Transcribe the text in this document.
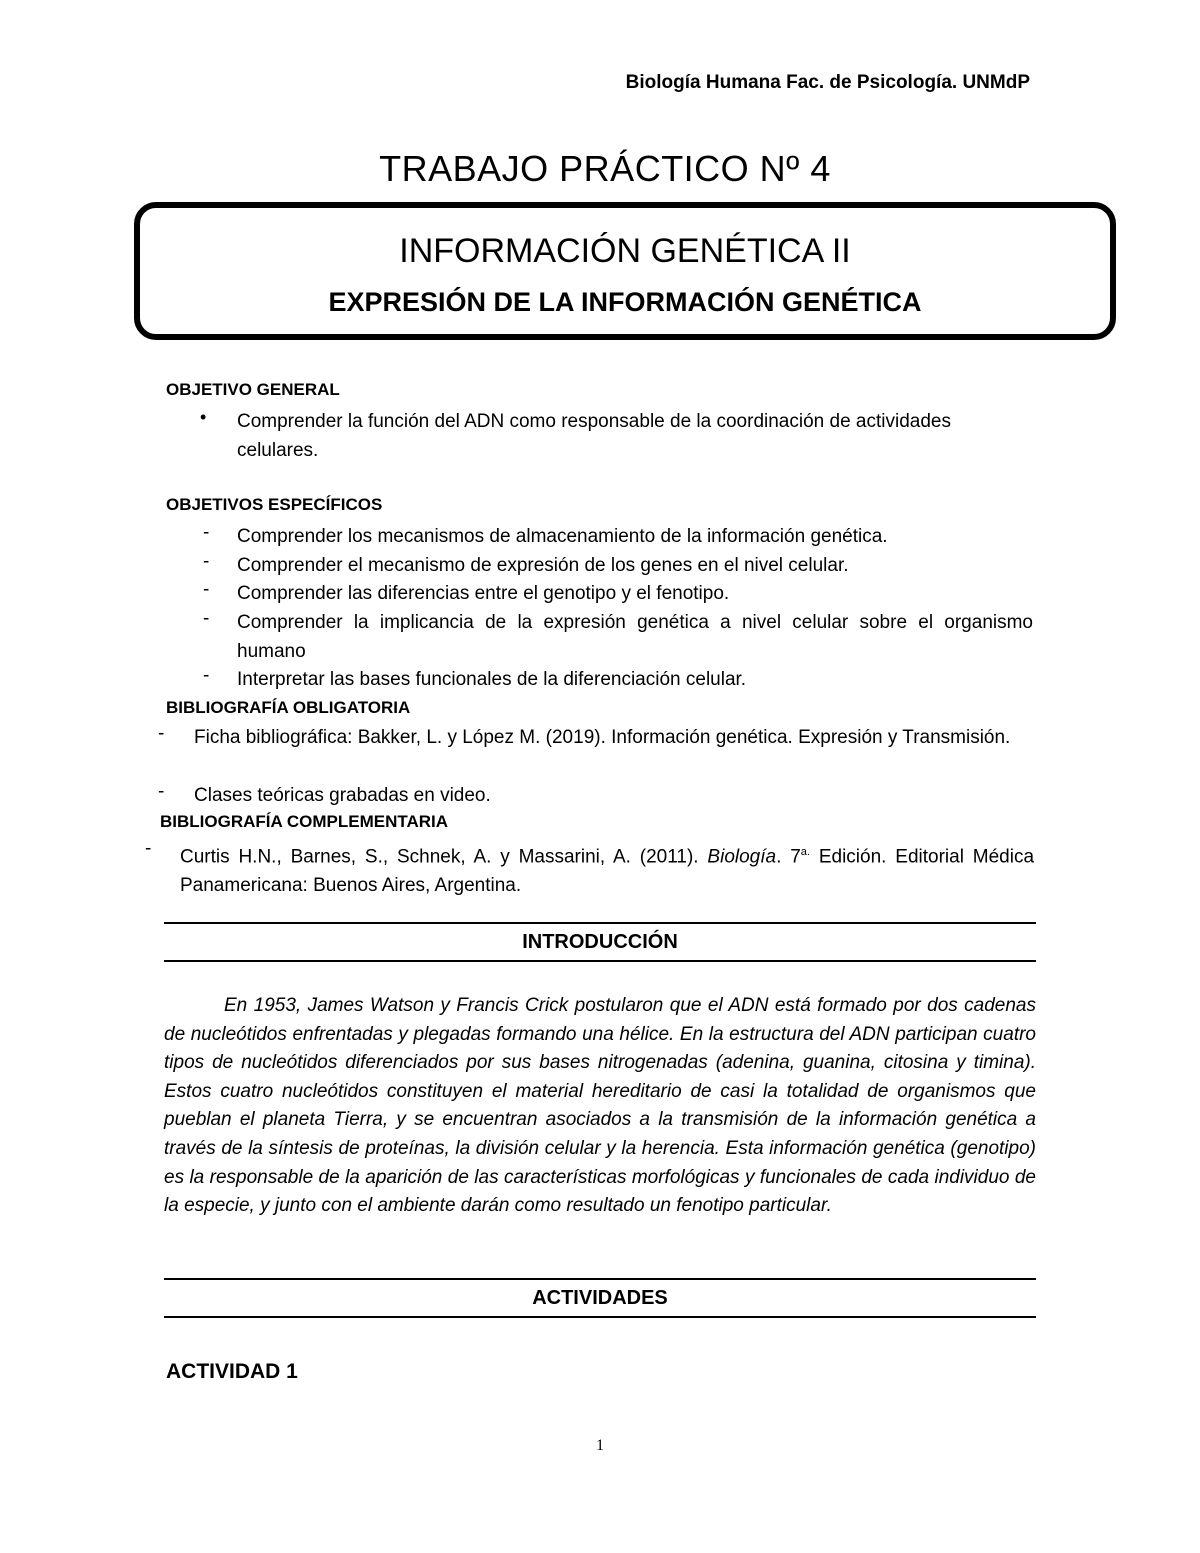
Biología Humana Fac. de Psicología. UNMdP
TRABAJO PRÁCTICO Nº 4
INFORMACIÓN GENÉTICA II
EXPRESIÓN DE LA INFORMACIÓN GENÉTICA
OBJETIVO GENERAL
• Comprender la función del ADN como responsable de la coordinación de actividades
celulares.
OBJETIVOS ESPECÍFICOS
- Comprender los mecanismos de almacenamiento de la información genética.
- Comprender el mecanismo de expresión de los genes en el nivel celular.
- Comprender las diferencias entre el genotipo y el fenotipo.
- Comprender la implicancia de la expresión genética a nivel celular sobre el organismo humano
- Interpretar las bases funcionales de la diferenciación celular.
BIBLIOGRAFÍA OBLIGATORIA
- Ficha bibliográfica: Bakker, L. y López M. (2019). Información genética. Expresión y Transmisión.
- Clases teóricas grabadas en video.
BIBLIOGRAFÍA COMPLEMENTARIA
- Curtis H.N., Barnes, S., Schnek, A. y Massarini, A. (2011). Biología. $7^{a.}$ Edición. Editorial Médica Panamericana: Buenos Aires, Argentina.
INTRODUCCIÓN
En 1953, James Watson y Francis Crick postularon que el ADN está formado por dos cadenas de nucleótidos enfrentadas y plegadas formando una hélice. En la estructura del ADN participan cuatro tipos de nucleótidos diferenciados por sus bases nitrogenadas (adenina, guanina, citosina y timina). Estos cuatro nucleótidos constituyen el material hereditario de casi la totalidad de organismos que pueblan el planeta Tierra, y se encuentran asociados a la transmisión de la información genética a través de la síntesis de proteínas, la división celular y la herencia. Esta información genética (genotipo) es la responsable de la aparición de las características morfológicas y funcionales de cada individuo de la especie, y junto con el ambiente darán como resultado un fenotipo particular.
ACTIVIDADES
ACTIVIDAD 1
1
